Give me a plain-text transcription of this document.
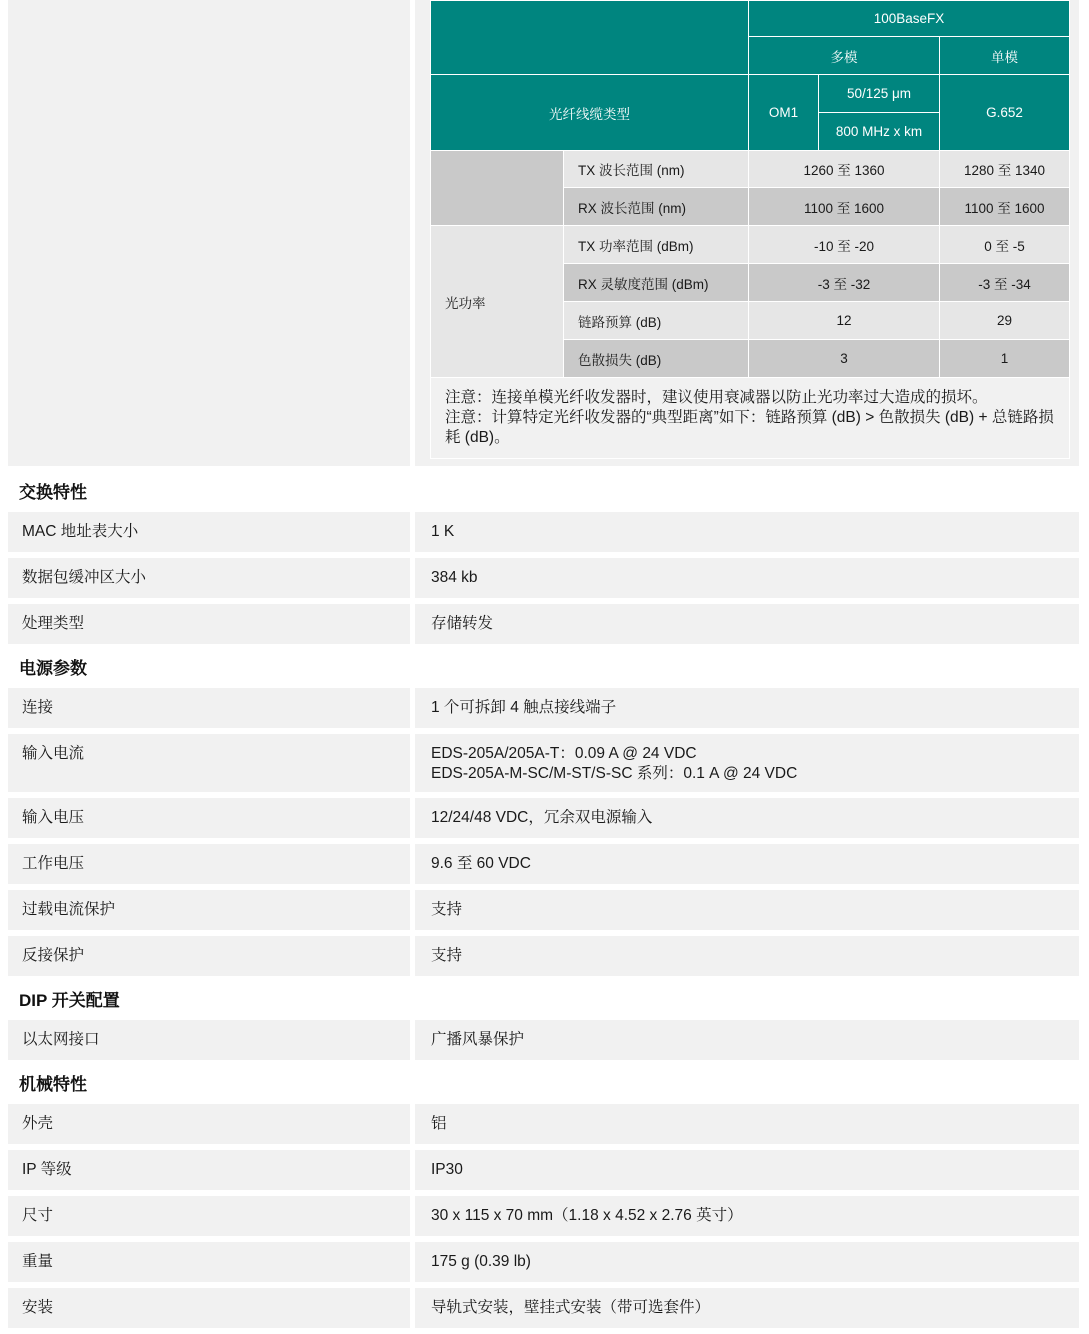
		100BaseFX		
		多模		单模
光纤线缆类型		OM1	50/125 μm	G.652
			800 MHz x km	
	TX 波长范围 (nm)	1260 至 1360		1280 至 1340
	RX 波长范围 (nm)	1100 至 1600		1100 至 1600
光功率	TX 功率范围 (dBm)	-10 至 -20		0 至 -5
	RX 灵敏度范围 (dBm)	-3 至 -32		-3 至 -34
	链路预算 (dB)	12		29
	色散损失 (dB)	3		1

注意：连接单模光纤收发器时，建议使用衰减器以防止光功率过大造成的损坏。
注意：计算特定光纤收发器的“典型距离”如下：链路预算 (dB) > 色散损失 (dB) + 总链路损耗 (dB)。				
交换特性
MAC 地址表大小	1 K
数据包缓冲区大小	384 kb
处理类型	存储转发
电源参数
连接	1 个可拆卸 4 触点接线端子
输入电流	EDS-205A/205A-T：0.09 A @ 24 VDC
EDS-205A-M-SC/M-ST/S-SC 系列：0.1 A @ 24 VDC
输入电压	12/24/48 VDC，冗余双电源输入
工作电压	9.6 至 60 VDC
过载电流保护	支持
反接保护	支持
DIP 开关配置
以太网接口	广播风暴保护
机械特性
外壳	铝
IP 等级	IP30
尺寸	30 x 115 x 70 mm（1.18 x 4.52 x 2.76 英寸）
重量	175 g (0.39 lb)
安装	导轨式安装，壁挂式安装（带可选套件）
